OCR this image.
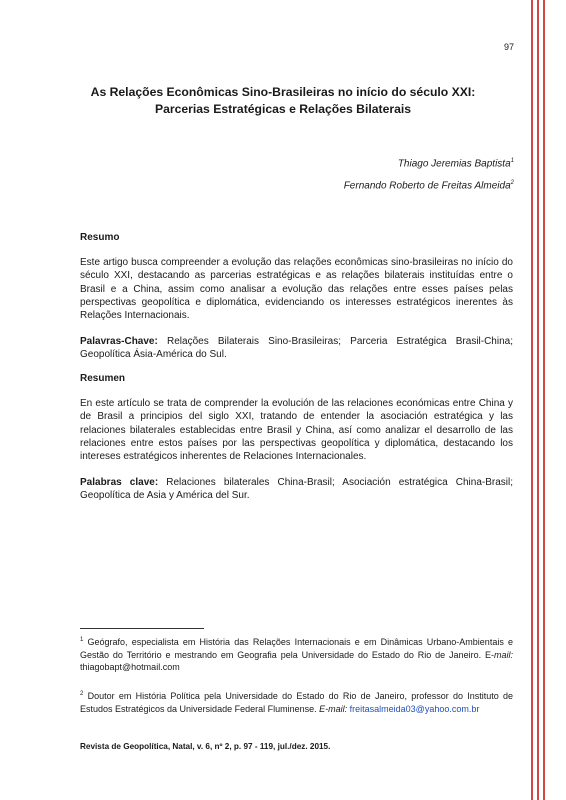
97
As Relações Econômicas Sino-Brasileiras no início do século XXI:
Parcerias Estratégicas e Relações Bilaterais
Thiago Jeremias Baptista$^1$
Fernando Roberto de Freitas Almeida$^2$
Resumo
Este artigo busca compreender a evolução das relações econômicas sino-brasileiras no início do século XXI, destacando as parcerias estratégicas e as relações bilaterais instituídas entre o Brasil e a China, assim como analisar a evolução das relações entre esses países pelas perspectivas geopolítica e diplomática, evidenciando os interesses estratégicos inerentes às Relações Internacionais.
Palavras-Chave: Relações Bilaterais Sino-Brasileiras; Parceria Estratégica Brasil-China; Geopolítica Ásia-América do Sul.
Resumen
En este artículo se trata de comprender la evolución de las relaciones económicas entre China y de Brasil a principios del siglo XXI, tratando de entender la asociación estratégica y las relaciones bilaterales establecidas entre Brasil y China, así como analizar el desarrollo de las relaciones entre estos países por las perspectivas geopolítica y diplomática, destacando los intereses estratégicos inherentes de Relaciones Internacionales.
Palabras clave: Relaciones bilaterales China-Brasil; Asociación estratégica China-Brasil; Geopolítica de Asia y América del Sur.
$^1$ Geógrafo, especialista em História das Relações Internacionais e em Dinâmicas Urbano-Ambientais e Gestão do Território e mestrando em Geografia pela Universidade do Estado do Rio de Janeiro. E-mail: thiagobapt@hotmail.com
$^2$ Doutor em História Política pela Universidade do Estado do Rio de Janeiro, professor do Instituto de Estudos Estratégicos da Universidade Federal Fluminense. E-mail: freitasalmeida03@yahoo.com.br
Revista de Geopolítica, Natal, v. 6, nº 2, p. 97 - 119, jul./dez. 2015.
